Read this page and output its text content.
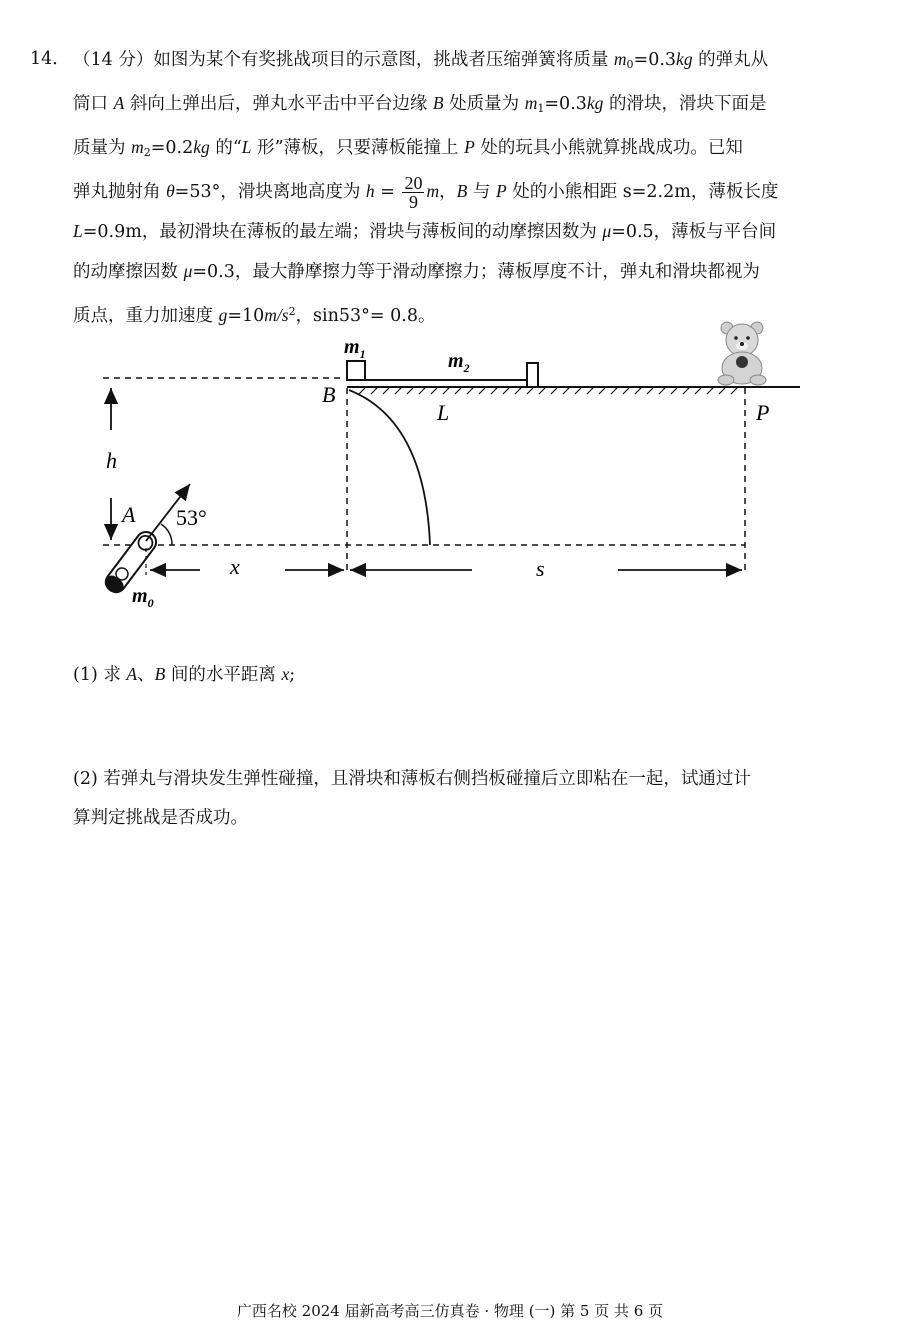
14． （14 分）如图为某个有奖挑战项目的示意图，挑战者压缩弹簧将质量 $m_0=0.3kg$ 的弹丸从
筒口 A 斜向上弹出后，弹丸水平击中平台边缘 B 处质量为 $m_1=0.3kg$ 的滑块，滑块下面是
质量为 $m_2=0.2kg$ 的“L 形”薄板，只要薄板能撞上 P 处的玩具小熊就算挑战成功。已知
弹丸抛射角 θ=53°，滑块离地高度为 $h = \frac{20}{9}$ m，B 与 P 处的小熊相距 s=2.2m，薄板长度
L=0.9m，最初滑块在薄板的最左端；滑块与薄板间的动摩擦因数为 μ=0.5，薄板与平台间
的动摩擦因数 μ=0.3，最大静摩擦力等于滑动摩擦力；薄板厚度不计，弹丸和滑块都视为
质点，重力加速度 $g=10m/s^2$，sin53°= 0.8。
$m_1$	$m_2$
B
L	P
h
A 53°
x	s
$m_0$
(1) 求 A、B 间的水平距离 x;
(2) 若弹丸与滑块发生弹性碰撞，且滑块和薄板右侧挡板碰撞后立即粘在一起，试通过计
算判定挑战是否成功。
广西名校 2024 届新高考高三仿真卷 · 物理 (一) 第 5 页 共 6 页
